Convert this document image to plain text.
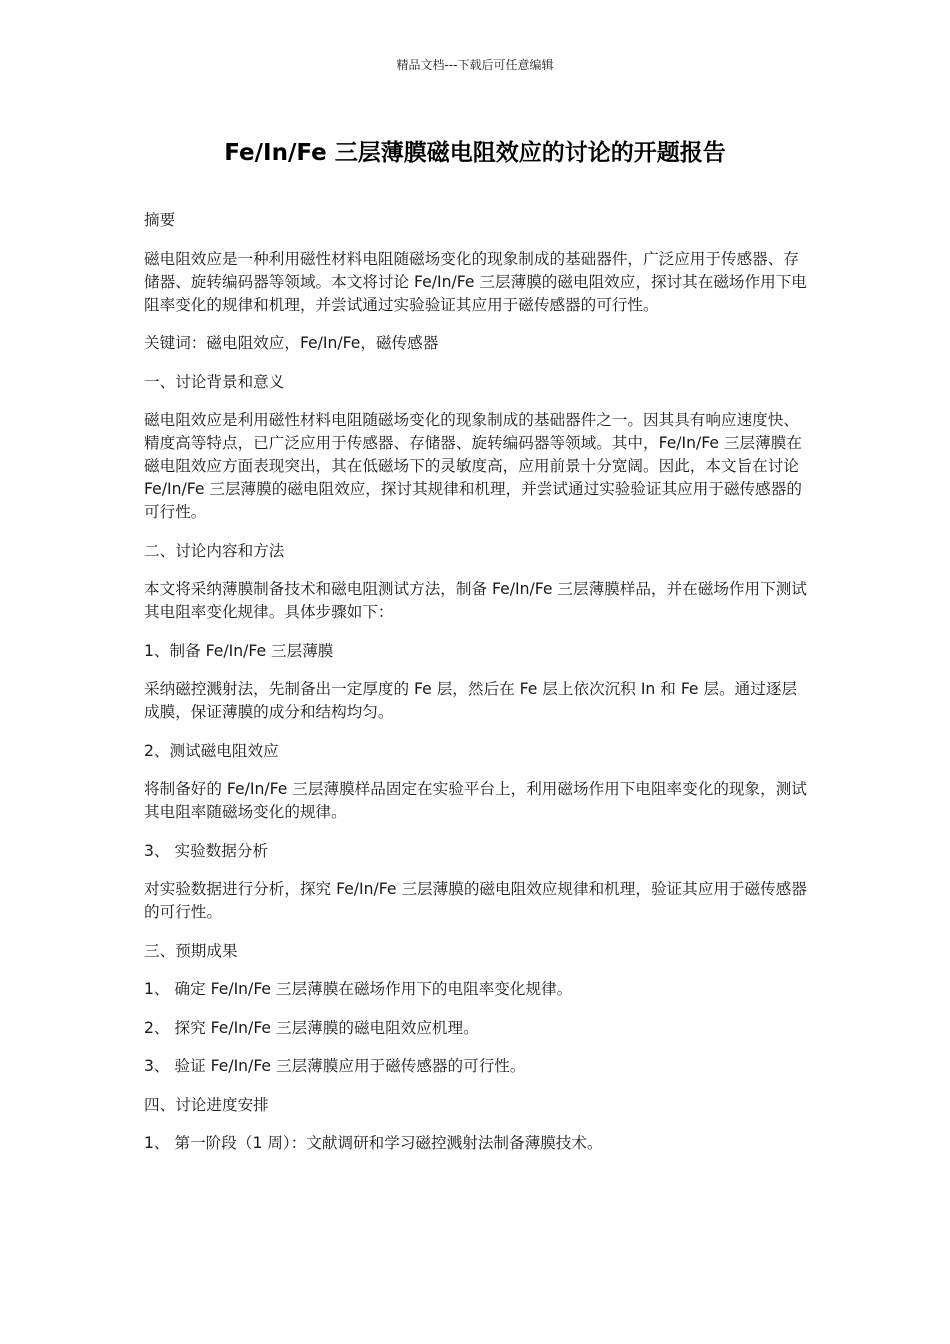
精品文档---下载后可任意编辑
Fe/In/Fe 三层薄膜磁电阻效应的讨论的开题报告

摘要

磁电阻效应是一种利用磁性材料电阻随磁场变化的现象制成的基础器件，广泛应用于传感器、存储器、旋转编码器等领域。本文将讨论 Fe/In/Fe 三层薄膜的磁电阻效应，探讨其在磁场作用下电阻率变化的规律和机理，并尝试通过实验验证其应用于磁传感器的可行性。

关键词：磁电阻效应，Fe/In/Fe，磁传感器

一、讨论背景和意义

磁电阻效应是利用磁性材料电阻随磁场变化的现象制成的基础器件之一。因其具有响应速度快、精度高等特点，已广泛应用于传感器、存储器、旋转编码器等领域。其中，Fe/In/Fe 三层薄膜在磁电阻效应方面表现突出，其在低磁场下的灵敏度高，应用前景十分宽阔。因此，本文旨在讨论 Fe/In/Fe 三层薄膜的磁电阻效应，探讨其规律和机理，并尝试通过实验验证其应用于磁传感器的可行性。

二、讨论内容和方法

本文将采纳薄膜制备技术和磁电阻测试方法，制备 Fe/In/Fe 三层薄膜样品，并在磁场作用下测试其电阻率变化规律。具体步骤如下：

1、制备 Fe/In/Fe 三层薄膜

采纳磁控溅射法，先制备出一定厚度的 Fe 层，然后在 Fe 层上依次沉积 In 和 Fe 层。通过逐层成膜，保证薄膜的成分和结构均匀。

2、测试磁电阻效应

将制备好的 Fe/In/Fe 三层薄膜样品固定在实验平台上，利用磁场作用下电阻率变化的现象，测试其电阻率随磁场变化的规律。

3、 实验数据分析

对实验数据进行分析，探究 Fe/In/Fe 三层薄膜的磁电阻效应规律和机理，验证其应用于磁传感器的可行性。

三、预期成果

1、 确定 Fe/In/Fe 三层薄膜在磁场作用下的电阻率变化规律。

2、 探究 Fe/In/Fe 三层薄膜的磁电阻效应机理。

3、 验证 Fe/In/Fe 三层薄膜应用于磁传感器的可行性。

四、讨论进度安排

1、 第一阶段（1 周）：文献调研和学习磁控溅射法制备薄膜技术。
